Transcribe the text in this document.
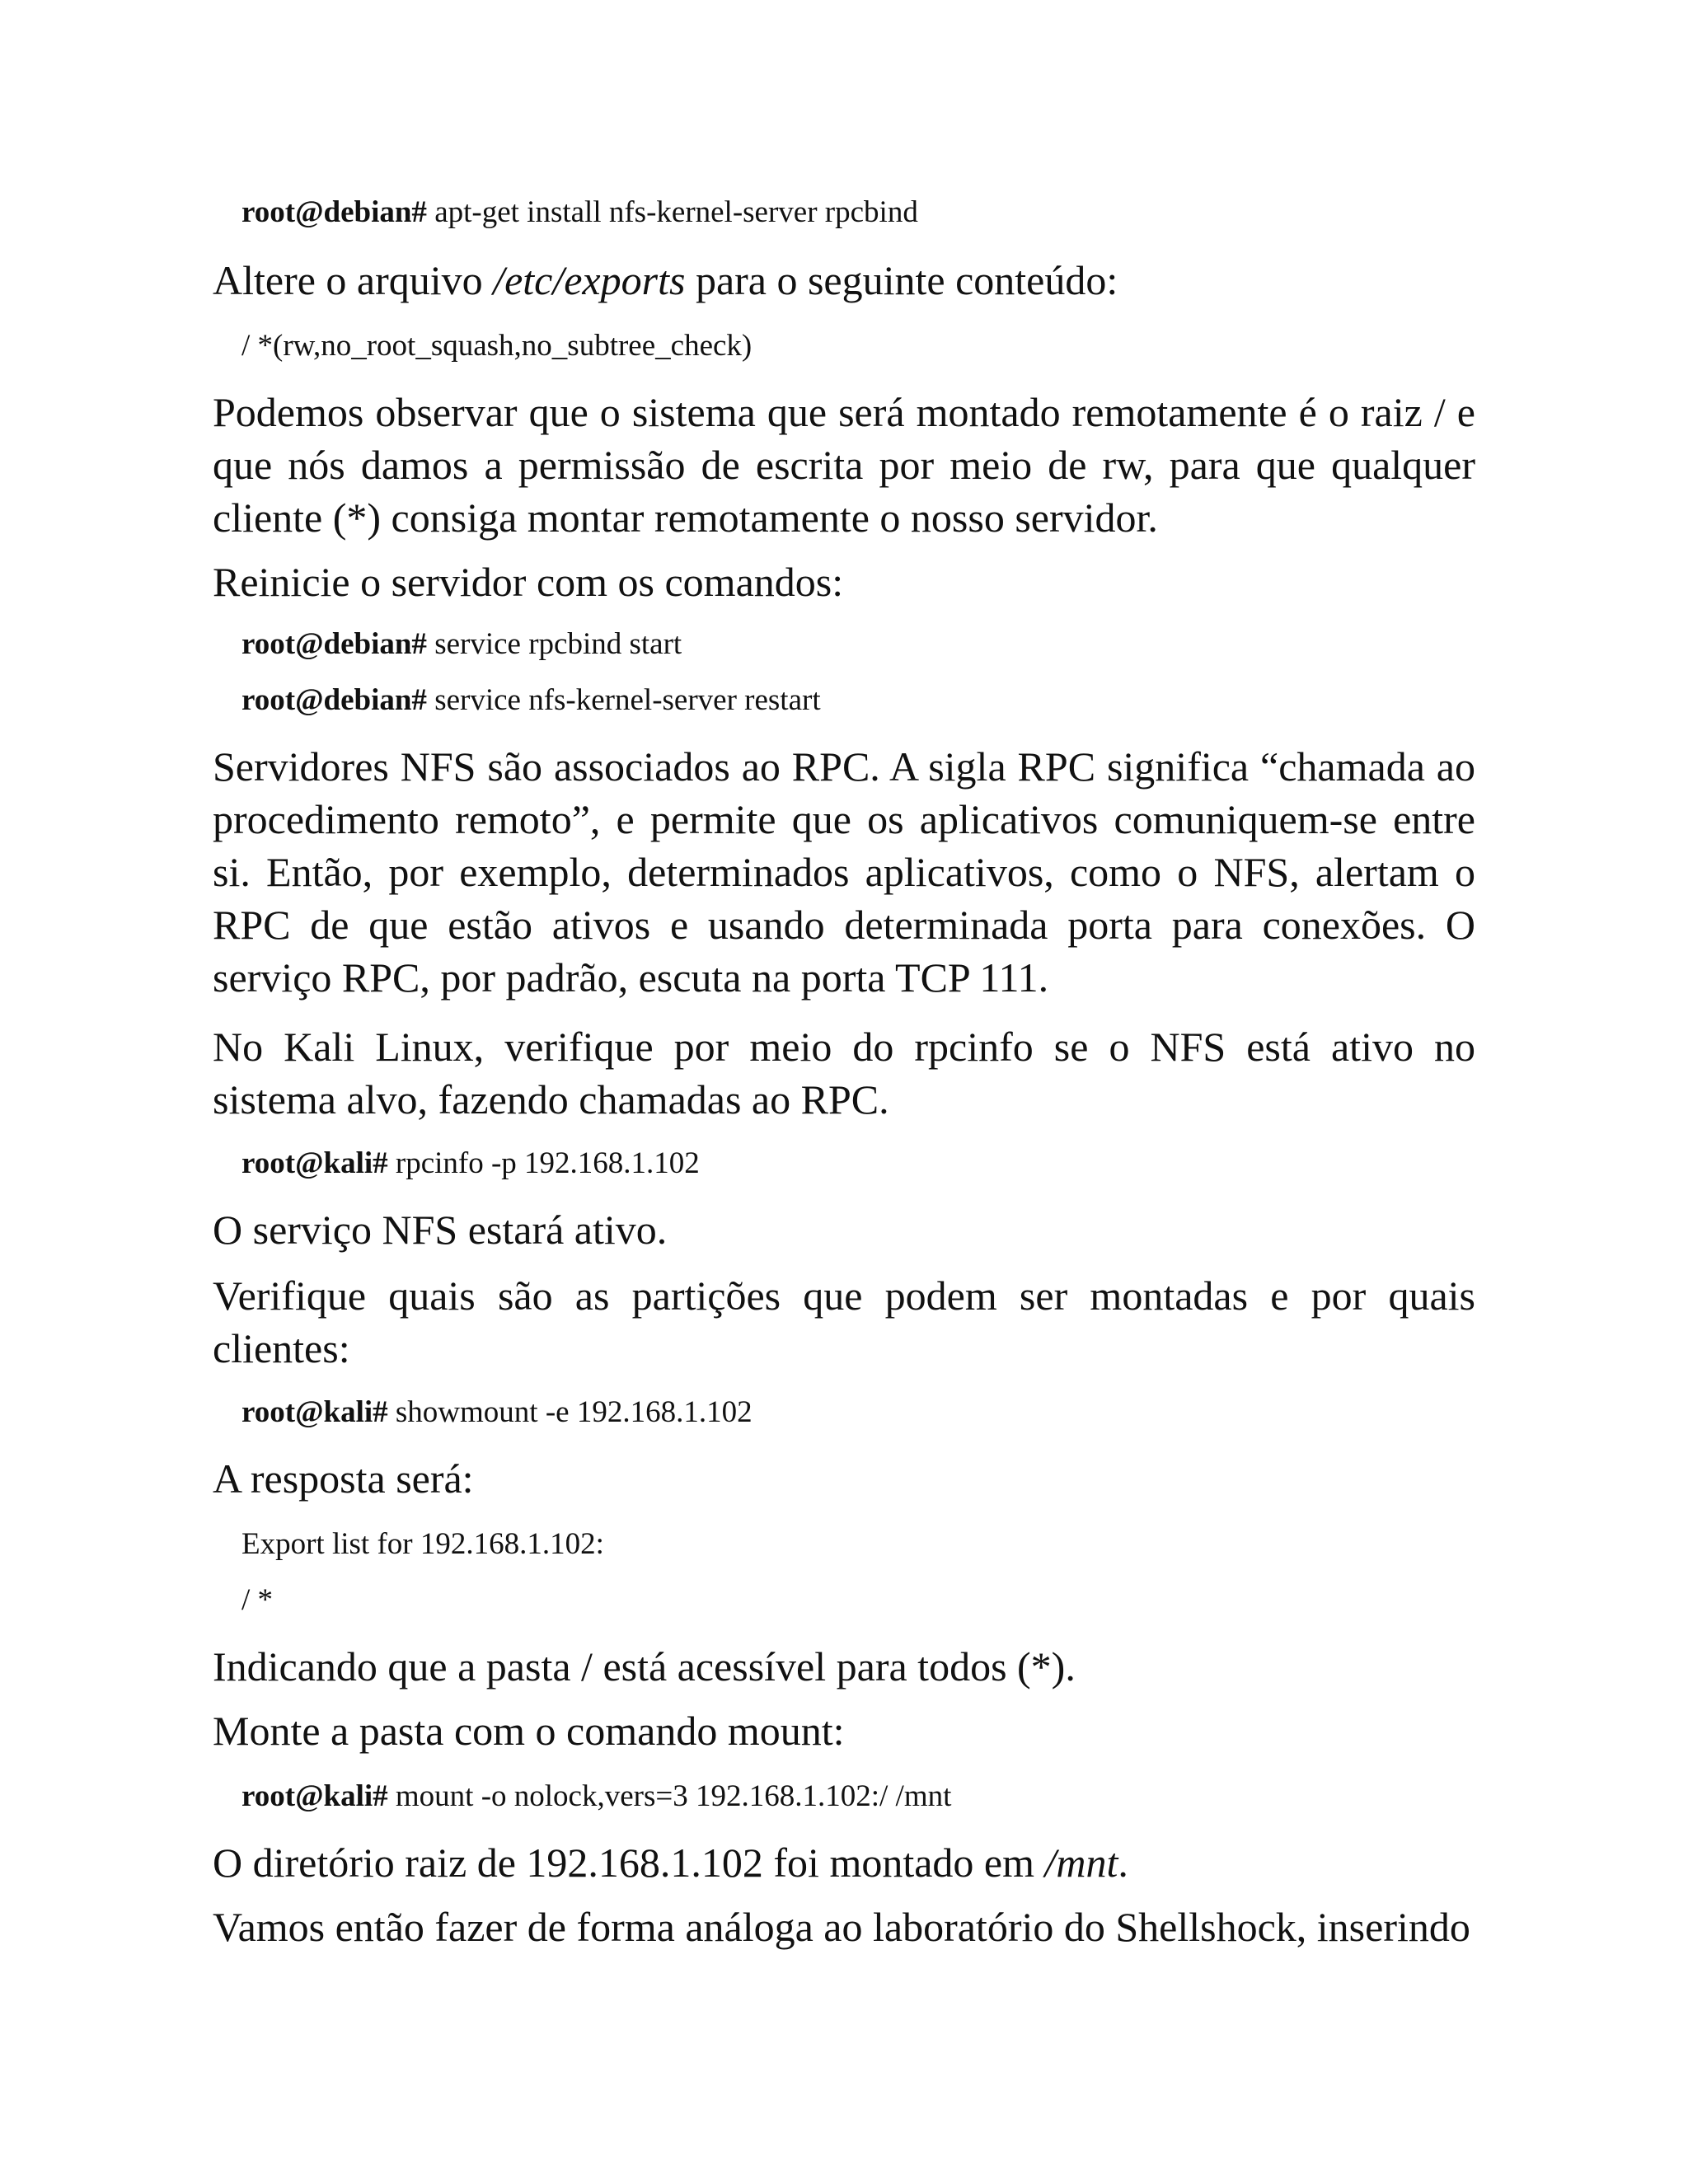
root@debian# apt-get install nfs-kernel-server rpcbind

Altere o arquivo /etc/exports para o seguinte conteúdo:

/ *(rw,no_root_squash,no_subtree_check)

Podemos observar que o sistema que será montado remotamente é o raiz / e
que nós damos a permissão de escrita por meio de rw, para que qualquer
cliente (*) consiga montar remotamente o nosso servidor.

Reinicie o servidor com os comandos:

root@debian# service rpcbind start

root@debian# service nfs-kernel-server restart

Servidores NFS são associados ao RPC. A sigla RPC significa “chamada ao
procedimento remoto”, e permite que os aplicativos comuniquem-se entre
si. Então, por exemplo, determinados aplicativos, como o NFS, alertam o
RPC de que estão ativos e usando determinada porta para conexões. O
serviço RPC, por padrão, escuta na porta TCP 111.
No Kali Linux, verifique por meio do rpcinfo se o NFS está ativo no
sistema alvo, fazendo chamadas ao RPC.

root@kali# rpcinfo -p 192.168.1.102

O serviço NFS estará ativo.

Verifique quais são as partições que podem ser montadas e por quais
clientes:

root@kali# showmount -e 192.168.1.102

A resposta será:

Export list for 192.168.1.102:

/ *

Indicando que a pasta / está acessível para todos (*).

Monte a pasta com o comando mount:

root@kali# mount -o nolock,vers=3 192.168.1.102:/ /mnt

O diretório raiz de 192.168.1.102 foi montado em /mnt.

Vamos então fazer de forma análoga ao laboratório do Shellshock, inserindo
